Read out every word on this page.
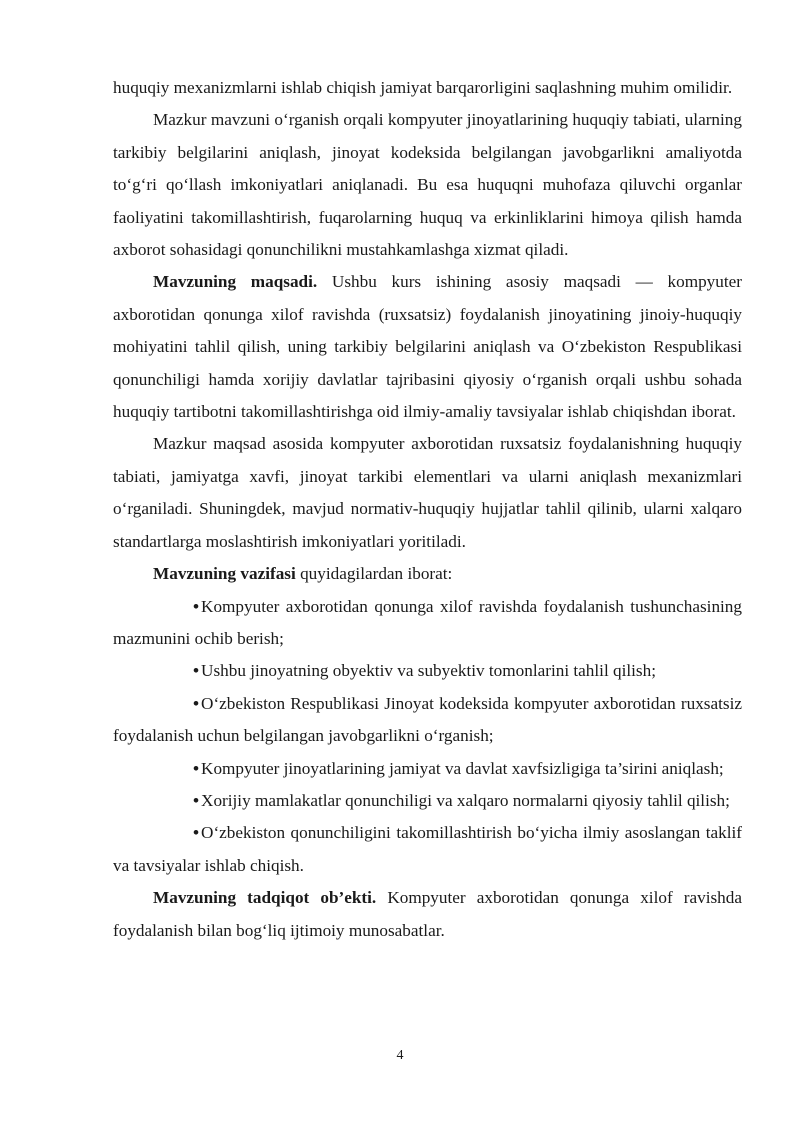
huquqiy mexanizmlarni ishlab chiqish jamiyat barqarorligini saqlashning muhim omilidir.

Mazkur mavzuni o‘rganish orqali kompyuter jinoyatlarining huquqiy tabiati, ularning tarkibiy belgilarini aniqlash, jinoyat kodeksida belgilangan javobgarlikni amaliyotda to‘g‘ri qo‘llash imkoniyatlari aniqlanadi. Bu esa huquqni muhofaza qiluvchi organlar faoliyatini takomillashtirish, fuqarolarning huquq va erkinliklarini himoya qilish hamda axborot sohasidagi qonunchilikni mustahkamlashga xizmat qiladi.

Mavzuning maqsadi. Ushbu kurs ishining asosiy maqsadi — kompyuter axborotidan qonunga xilof ravishda (ruxsatsiz) foydalanish jinoyatining jinoiy-huquqiy mohiyatini tahlil qilish, uning tarkibiy belgilarini aniqlash va O‘zbekiston Respublikasi qonunchiligi hamda xorijiy davlatlar tajribasini qiyosiy o‘rganish orqali ushbu sohada huquqiy tartibotni takomillashtirishga oid ilmiy-amaliy tavsiyalar ishlab chiqishdan iborat.

Mazkur maqsad asosida kompyuter axborotidan ruxsatsiz foydalanishning huquqiy tabiati, jamiyatga xavfi, jinoyat tarkibi elementlari va ularni aniqlash mexanizmlari o‘rganiladi. Shuningdek, mavjud normativ-huquqiy hujjatlar tahlil qilinib, ularni xalqaro standartlarga moslashtirish imkoniyatlari yoritiladi.

Mavzuning vazifasi quyidagilardan iborat:

• Kompyuter axborotidan qonunga xilof ravishda foydalanish tushunchasining mazmunini ochib berish;

• Ushbu jinoyatning obyektiv va subyektiv tomonlarini tahlil qilish;

• O‘zbekiston Respublikasi Jinoyat kodeksida kompyuter axborotidan ruxsatsiz foydalanish uchun belgilangan javobgarlikni o‘rganish;

• Kompyuter jinoyatlarining jamiyat va davlat xavfsizligiga ta’sirini aniqlash;

• Xorijiy mamlakatlar qonunchiligi va xalqaro normalarni qiyosiy tahlil qilish;

• O‘zbekiston qonunchiligini takomillashtirish bo‘yicha ilmiy asoslangan taklif va tavsiyalar ishlab chiqish.

Mavzuning tadqiqot ob’ekti. Kompyuter axborotidan qonunga xilof ravishda foydalanish bilan bog‘liq ijtimoiy munosabatlar.

4
